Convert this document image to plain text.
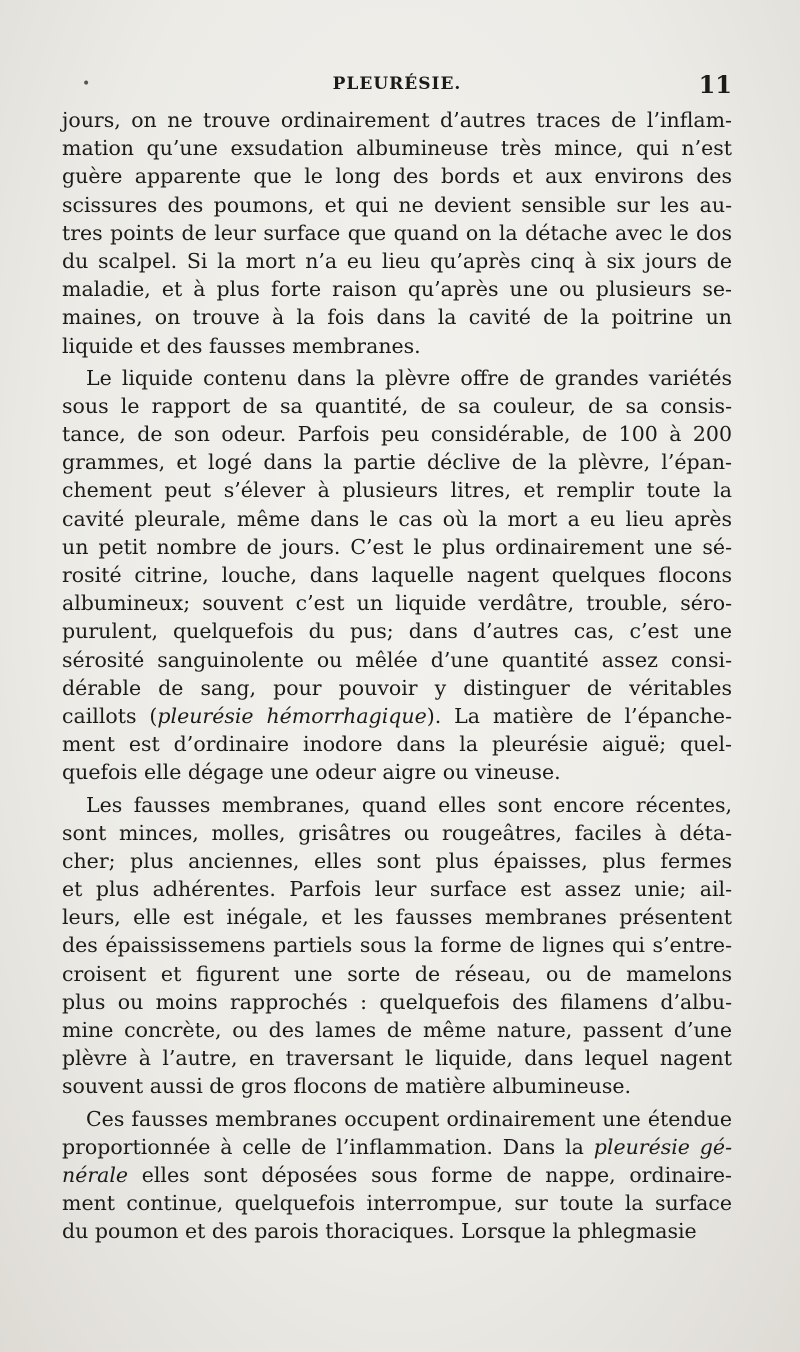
•	PLEURÉSIE.	11
jours, on ne trouve ordinairement d’autres traces de l’inflam-
mation qu’une exsudation albumineuse très mince, qui n’est
guère apparente que le long des bords et aux environs des
scissures des poumons, et qui ne devient sensible sur les au-
tres points de leur surface que quand on la détache avec le dos
du scalpel. Si la mort n’a eu lieu qu’après cinq à six jours de
maladie, et à plus forte raison qu’après une ou plusieurs se-
maines, on trouve à la fois dans la cavité de la poitrine un
liquide et des fausses membranes.
Le liquide contenu dans la plèvre offre de grandes variétés
sous le rapport de sa quantité, de sa couleur, de sa consis-
tance, de son odeur. Parfois peu considérable, de 100 à 200
grammes, et logé dans la partie déclive de la plèvre, l’épan-
chement peut s’élever à plusieurs litres, et remplir toute la
cavité pleurale, même dans le cas où la mort a eu lieu après
un petit nombre de jours. C’est le plus ordinairement une sé-
rosité citrine, louche, dans laquelle nagent quelques flocons
albumineux; souvent c’est un liquide verdâtre, trouble, séro-
purulent, quelquefois du pus; dans d’autres cas, c’est une
sérosité sanguinolente ou mêlée d’une quantité assez consi-
dérable de sang, pour pouvoir y distinguer de véritables
caillots (pleurésie hémorrhagique). La matière de l’épanche-
ment est d’ordinaire inodore dans la pleurésie aiguë; quel-
quefois elle dégage une odeur aigre ou vineuse.
Les fausses membranes, quand elles sont encore récentes,
sont minces, molles, grisâtres ou rougeâtres, faciles à déta-
cher; plus anciennes, elles sont plus épaisses, plus fermes
et plus adhérentes. Parfois leur surface est assez unie; ail-
leurs, elle est inégale, et les fausses membranes présentent
des épaississemens partiels sous la forme de lignes qui s’entre-
croisent et figurent une sorte de réseau, ou de mamelons
plus ou moins rapprochés : quelquefois des filamens d’albu-
mine concrète, ou des lames de même nature, passent d’une
plèvre à l’autre, en traversant le liquide, dans lequel nagent
souvent aussi de gros flocons de matière albumineuse.
Ces fausses membranes occupent ordinairement une étendue
proportionnée à celle de l’inflammation. Dans la pleurésie gé-
nérale elles sont déposées sous forme de nappe, ordinaire-
ment continue, quelquefois interrompue, sur toute la surface
du poumon et des parois thoraciques. Lorsque la phlegmasie
